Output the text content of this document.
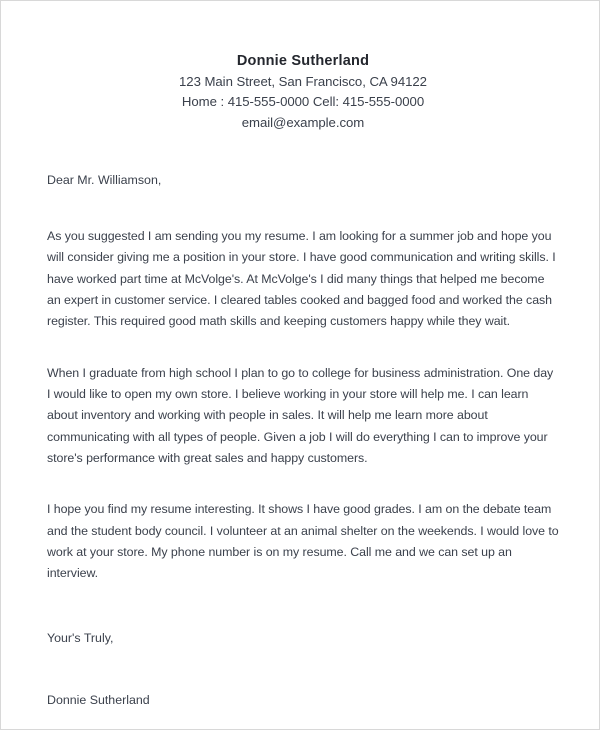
Donnie Sutherland
123 Main Street, San Francisco, CA 94122
Home : 415-555-0000 Cell: 415-555-0000
email@example.com
Dear Mr. Williamson,

As you suggested I am sending you my resume. I am looking for a summer job and hope you will consider giving me a position in your store. I have good communication and writing skills. I have worked part time at McVolge's. At McVolge's I did many things that helped me become an expert in customer service. I cleared tables cooked and bagged food and worked the cash register. This required good math skills and keeping customers happy while they wait.

When I graduate from high school I plan to go to college for business administration. One day I would like to open my own store. I believe working in your store will help me. I can learn about inventory and working with people in sales. It will help me learn more about communicating with all types of people. Given a job I will do everything I can to improve your store's performance with great sales and happy customers.

I hope you find my resume interesting. It shows I have good grades. I am on the debate team and the student body council. I volunteer at an animal shelter on the weekends. I would love to work at your store. My phone number is on my resume. Call me and we can set up an interview.

Your's Truly,
Donnie Sutherland
